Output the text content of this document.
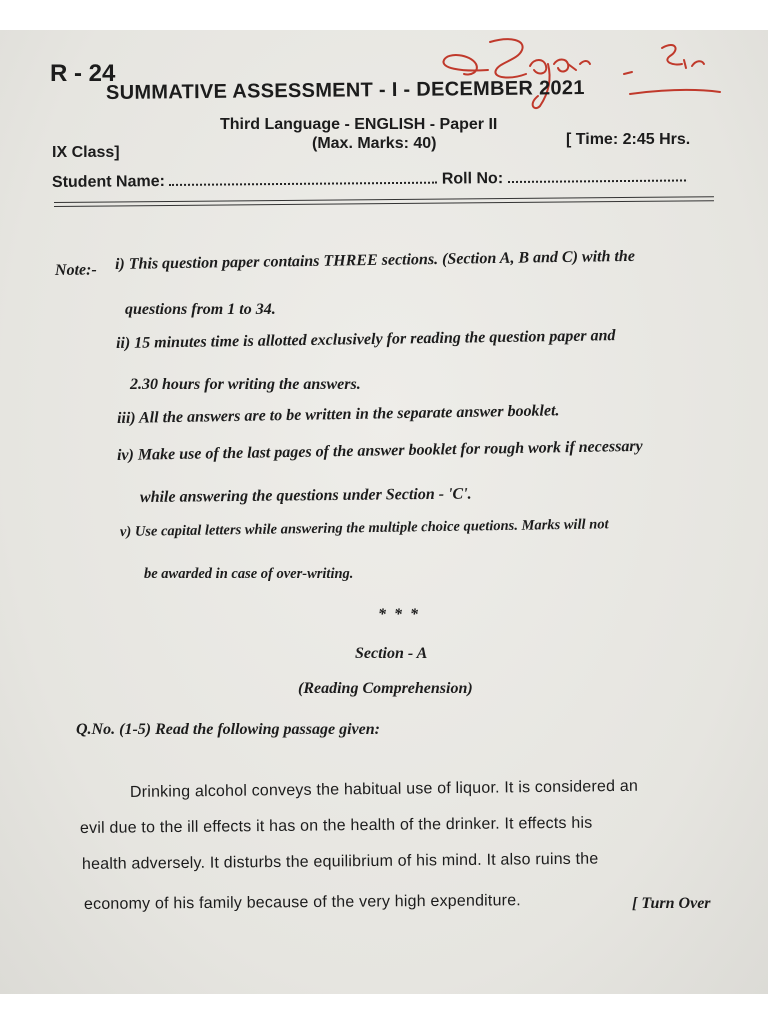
R - 24
SUMMATIVE ASSESSMENT - I - DECEMBER 2021
Third Language - ENGLISH - Paper II
IX Class]
(Max. Marks: 40)	[ Time: 2:45 Hrs.
Student Name:	Roll No:
Note:- i) This question paper contains THREE sections. (Section A, B and C) with the
questions from 1 to 34.
ii) 15 minutes time is allotted exclusively for reading the question paper and
2.30 hours for writing the answers.
iii) All the answers are to be written in the separate answer booklet.
iv) Make use of the last pages of the answer booklet for rough work if necessary
while answering the questions under Section - 'C'.
v) Use capital letters while answering the multiple choice quetions. Marks will not
be awarded in case of over-writing.
* * *
Section - A
(Reading Comprehension)
Q.No. (1-5) Read the following passage given:
Drinking alcohol conveys the habitual use of liquor. It is considered an
evil due to the ill effects it has on the health of the drinker. It effects his
health adversely. It disturbs the equilibrium of his mind. It also ruins the
economy of his family because of the very high expenditure.	[ Turn Over
